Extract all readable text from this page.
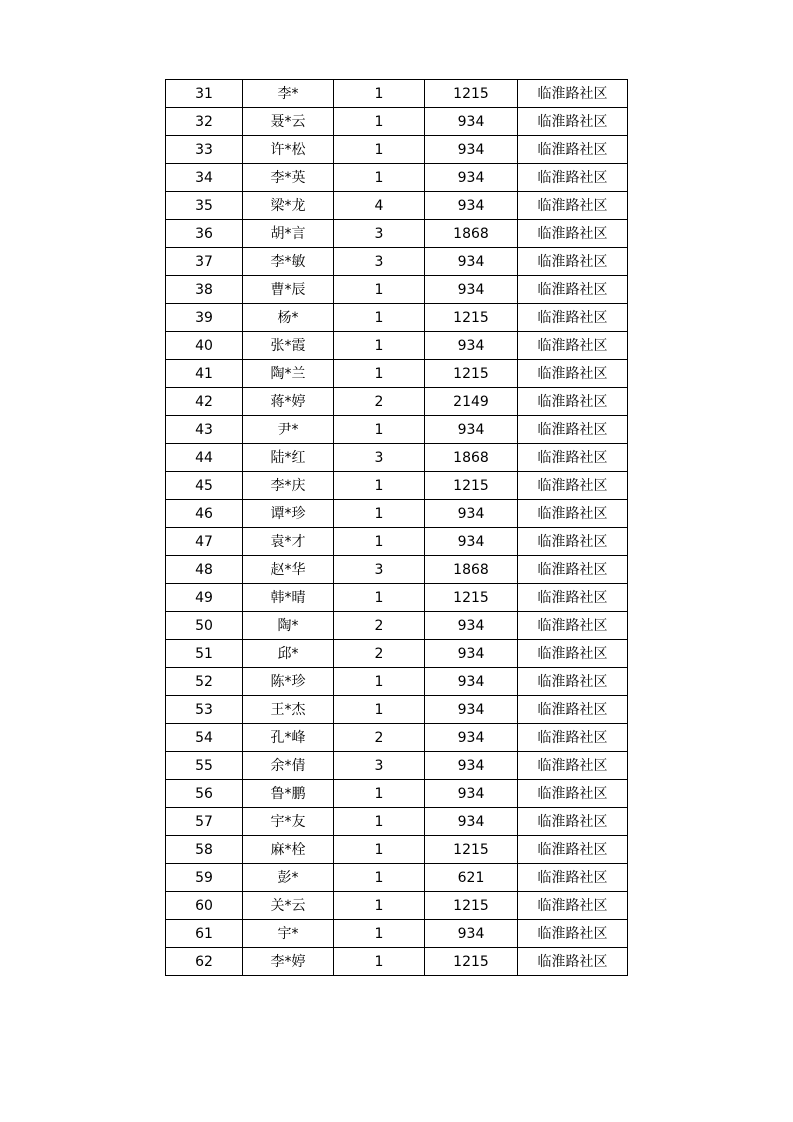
31	李*	1	1215	临淮路社区
32	聂*云	1	934	临淮路社区
33	许*松	1	934	临淮路社区
34	李*英	1	934	临淮路社区
35	梁*龙	4	934	临淮路社区
36	胡*言	3	1868	临淮路社区
37	李*敏	3	934	临淮路社区
38	曹*辰	1	934	临淮路社区
39	杨*	1	1215	临淮路社区
40	张*霞	1	934	临淮路社区
41	陶*兰	1	1215	临淮路社区
42	蒋*婷	2	2149	临淮路社区
43	尹*	1	934	临淮路社区
44	陆*红	3	1868	临淮路社区
45	李*庆	1	1215	临淮路社区
46	谭*珍	1	934	临淮路社区
47	袁*才	1	934	临淮路社区
48	赵*华	3	1868	临淮路社区
49	韩*晴	1	1215	临淮路社区
50	陶*	2	934	临淮路社区
51	邱*	2	934	临淮路社区
52	陈*珍	1	934	临淮路社区
53	王*杰	1	934	临淮路社区
54	孔*峰	2	934	临淮路社区
55	余*倩	3	934	临淮路社区
56	鲁*鹏	1	934	临淮路社区
57	宇*友	1	934	临淮路社区
58	麻*栓	1	1215	临淮路社区
59	彭*	1	621	临淮路社区
60	关*云	1	1215	临淮路社区
61	宇*	1	934	临淮路社区
62	李*婷	1	1215	临淮路社区
